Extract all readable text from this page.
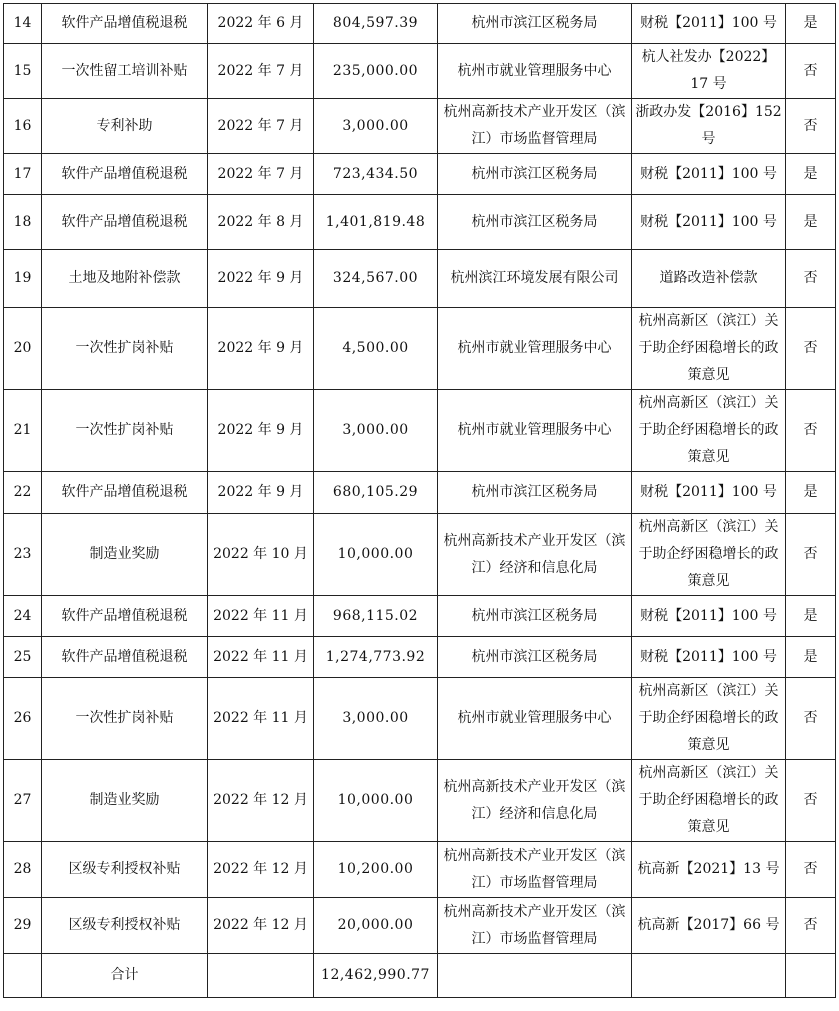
14	软件产品增值税退税	2022 年 6 月	804,597.39	杭州市滨江区税务局	财税【2011】100 号	是
15	一次性留工培训补贴	2022 年 7 月	235,000.00	杭州市就业管理服务中心	杭人社发办【2022】17 号	否
16	专利补助	2022 年 7 月	3,000.00	杭州高新技术产业开发区（滨江）市场监督管理局	浙政办发【2016】152 号	否
17	软件产品增值税退税	2022 年 7 月	723,434.50	杭州市滨江区税务局	财税【2011】100 号	是
18	软件产品增值税退税	2022 年 8 月	1,401,819.48	杭州市滨江区税务局	财税【2011】100 号	是
19	土地及地附补偿款	2022 年 9 月	324,567.00	杭州滨江环境发展有限公司	道路改造补偿款	否
20	一次性扩岗补贴	2022 年 9 月	4,500.00	杭州市就业管理服务中心	杭州高新区（滨江）关于助企纾困稳增长的政策意见	否
21	一次性扩岗补贴	2022 年 9 月	3,000.00	杭州市就业管理服务中心	杭州高新区（滨江）关于助企纾困稳增长的政策意见	否
22	软件产品增值税退税	2022 年 9 月	680,105.29	杭州市滨江区税务局	财税【2011】100 号	是
23	制造业奖励	2022 年 10 月	10,000.00	杭州高新技术产业开发区（滨江）经济和信息化局	杭州高新区（滨江）关于助企纾困稳增长的政策意见	否
24	软件产品增值税退税	2022 年 11 月	968,115.02	杭州市滨江区税务局	财税【2011】100 号	是
25	软件产品增值税退税	2022 年 11 月	1,274,773.92	杭州市滨江区税务局	财税【2011】100 号	是
26	一次性扩岗补贴	2022 年 11 月	3,000.00	杭州市就业管理服务中心	杭州高新区（滨江）关于助企纾困稳增长的政策意见	否
27	制造业奖励	2022 年 12 月	10,000.00	杭州高新技术产业开发区（滨江）经济和信息化局	杭州高新区（滨江）关于助企纾困稳增长的政策意见	否
28	区级专利授权补贴	2022 年 12 月	10,200.00	杭州高新技术产业开发区（滨江）市场监督管理局	杭高新【2021】13 号	否
29	区级专利授权补贴	2022 年 12 月	20,000.00	杭州高新技术产业开发区（滨江）市场监督管理局	杭高新【2017】66 号	否
	合计		12,462,990.77			
